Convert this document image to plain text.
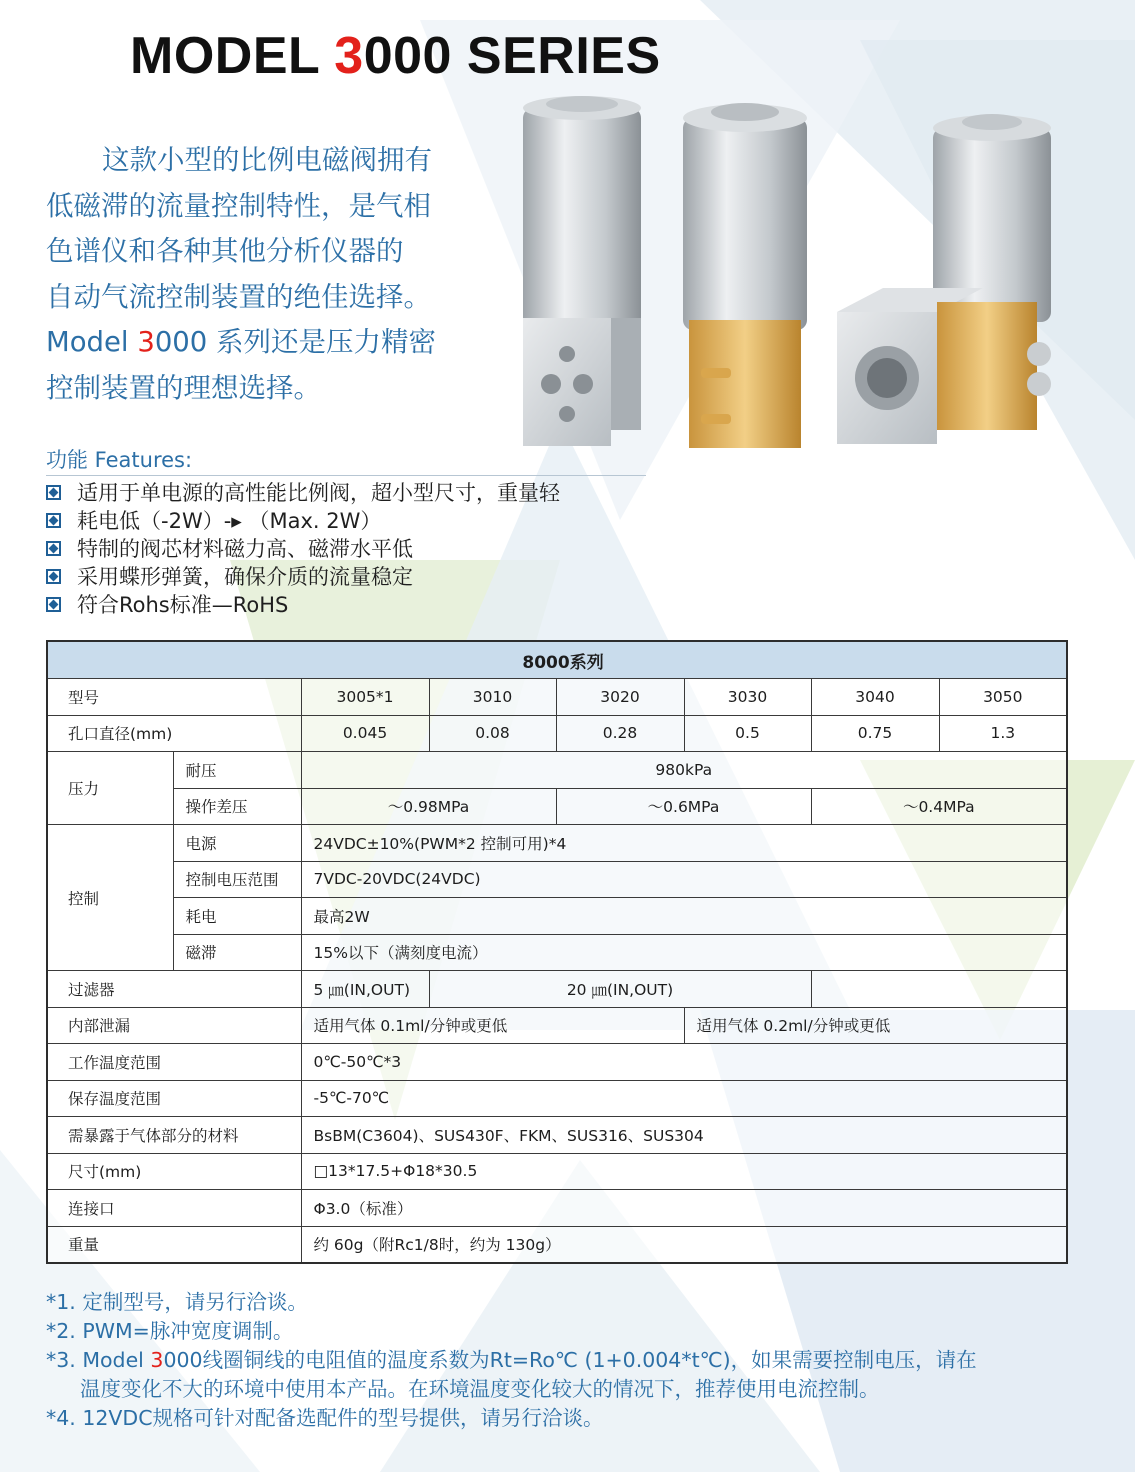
MODEL 3000 SERIES
这款小型的比例电磁阀拥有
低磁滞的流量控制特性，是气相
色谱仪和各种其他分析仪器的
自动气流控制装置的绝佳选择。
Model 3000 系列还是压力精密
控制装置的理想选择。
功能 Features:
适用于单电源的高性能比例阀，超小型尺寸，重量轻
耗电低（-2W）-▸ （Max. 2W）
特制的阀芯材料磁力高、磁滞水平低
采用蝶形弹簧，确保介质的流量稳定
符合Rohs标准—RoHS
8000系列							
型号		3005*1	3010	3020	3030	3040	3050
孔口直径(mm)		0.045	0.08	0.28	0.5	0.75	1.3
压力	耐压	980kPa					
	操作差压	～0.98MPa		～0.6MPa		～0.4MPa	
控制	电源	24VDC±10%(PWM*2 控制可用)*4					
	控制电压范围	7VDC-20VDC(24VDC)					
	耗电	最高2W					
	磁滞	15%以下（满刻度电流）					
过滤器		5 ㎛(IN,OUT)	20 ㎛(IN,OUT)				
内部泄漏		适用气体 0.1ml/分钟或更低			适用气体 0.2ml/分钟或更低		
工作温度范围		0℃-50℃*3					
保存温度范围		-5℃-70℃					
需暴露于气体部分的材料		BsBM(C3604)、SUS430F、FKM、SUS316、SUS304					
尺寸(mm)		□13*17.5+Φ18*30.5					
连接口		Φ3.0（标准）					
重量		约 60g（附Rc1/8时，约为 130g）					
*1. 定制型号，请另行洽谈。
*2. PWM=脉冲宽度调制。
*3. Model 3000线圈铜线的电阻值的温度系数为Rt=Ro℃ (1+0.004*t℃)，如果需要控制电压，请在
温度变化不大的环境中使用本产品。在环境温度变化较大的情况下，推荐使用电流控制。
*4. 12VDC规格可针对配备选配件的型号提供，请另行洽谈。
